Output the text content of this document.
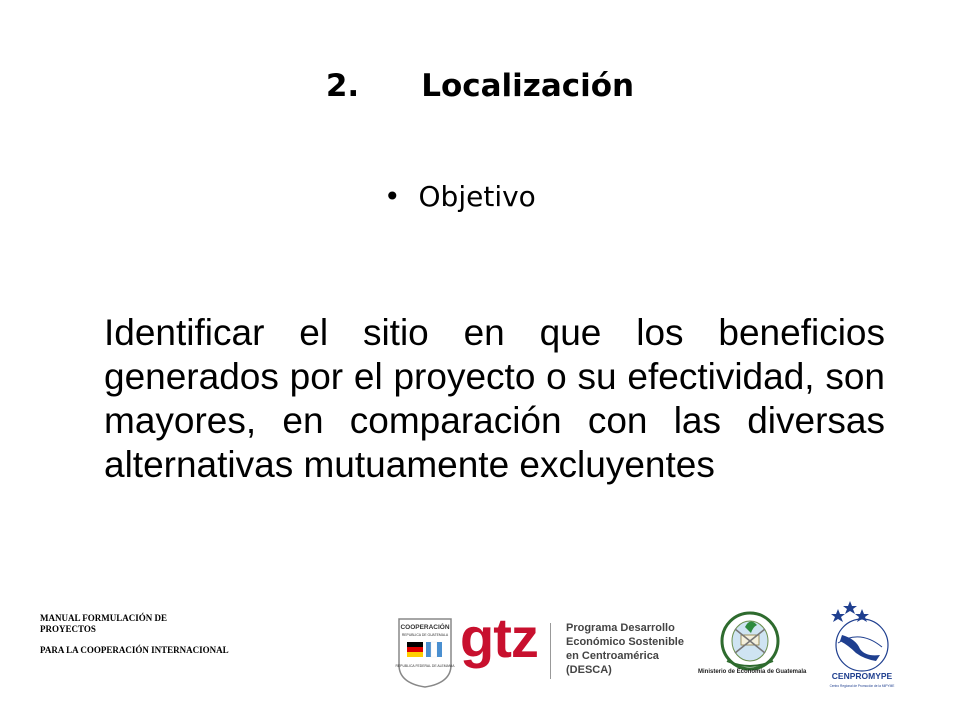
2. Localización
• Objetivo
Identificar el sitio en que los beneficios generados por el proyecto o su efectividad, son mayores, en comparación con las diversas alternativas mutuamente excluyentes
MANUAL FORMULACIÓN DE PROYECTOS
PARA LA COOPERACIÓN INTERNACIONAL
COOPERACIÓN
REPUBLICA DE GUATEMALA
REPUBLICA FEDERAL DE ALEMANIA gtz	Programa Desarrollo
Económico Sostenible
en Centroamérica
(DESCA)	Ministerio de Economía de Guatemala	CENPROMYPE
Centro Regional de Promoción de la MIPYME
